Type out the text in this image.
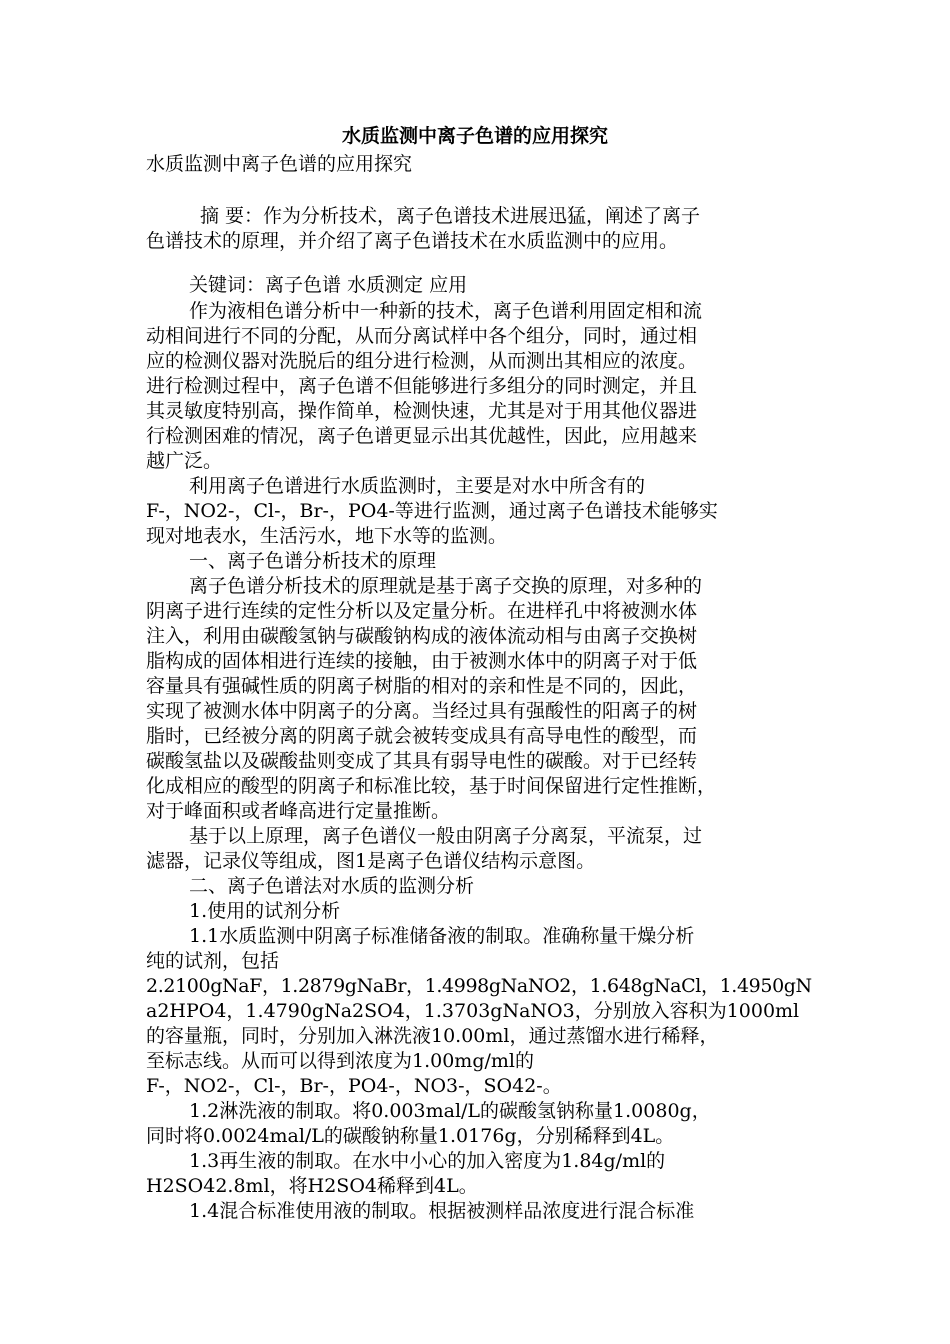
水质监测中离子色谱的应用探究
水质监测中离子色谱的应用探究
摘 要：作为分析技术，离子色谱技术进展迅猛，阐述了离子
色谱技术的原理，并介绍了离子色谱技术在水质监测中的应用。
关键词：离子色谱 水质测定 应用
作为液相色谱分析中一种新的技术，离子色谱利用固定相和流
动相间进行不同的分配，从而分离试样中各个组分，同时，通过相
应的检测仪器对洗脱后的组分进行检测，从而测出其相应的浓度。
进行检测过程中，离子色谱不但能够进行多组分的同时测定，并且
其灵敏度特别高，操作简单，检测快速，尤其是对于用其他仪器进
行检测困难的情况，离子色谱更显示出其优越性，因此，应用越来
越广泛。
利用离子色谱进行水质监测时，主要是对水中所含有的
F-，NO2-，Cl-，Br-，PO4-等进行监测，通过离子色谱技术能够实
现对地表水，生活污水，地下水等的监测。
一、离子色谱分析技术的原理
离子色谱分析技术的原理就是基于离子交换的原理，对多种的
阴离子进行连续的定性分析以及定量分析。在进样孔中将被测水体
注入，利用由碳酸氢钠与碳酸钠构成的液体流动相与由离子交换树
脂构成的固体相进行连续的接触，由于被测水体中的阴离子对于低
容量具有强碱性质的阴离子树脂的相对的亲和性是不同的，因此，
实现了被测水体中阴离子的分离。当经过具有强酸性的阳离子的树
脂时，已经被分离的阴离子就会被转变成具有高导电性的酸型，而
碳酸氢盐以及碳酸盐则变成了其具有弱导电性的碳酸。对于已经转
化成相应的酸型的阴离子和标准比较，基于时间保留进行定性推断，
对于峰面积或者峰高进行定量推断。
基于以上原理，离子色谱仪一般由阴离子分离泵，平流泵，过
滤器，记录仪等组成，图1是离子色谱仪结构示意图。
二、离子色谱法对水质的监测分析
1.使用的试剂分析
1.1水质监测中阴离子标准储备液的制取。准确称量干燥分析
纯的试剂，包括
2.2100gNaF，1.2879gNaBr，1.4998gNaNO2，1.648gNaCl，1.4950gN
a2HPO4，1.4790gNa2SO4，1.3703gNaNO3，分别放入容积为1000ml
的容量瓶，同时，分别加入淋洗液10.00ml，通过蒸馏水进行稀释，
至标志线。从而可以得到浓度为1.00mg/ml的
F-，NO2-，Cl-，Br-，PO4-，NO3-，SO42-。
1.2淋洗液的制取。将0.003mal/L的碳酸氢钠称量1.0080g，
同时将0.0024mal/L的碳酸钠称量1.0176g，分别稀释到4L。
1.3再生液的制取。在水中小心的加入密度为1.84g/ml的
H2SO42.8ml，将H2SO4稀释到4L。
1.4混合标准使用液的制取。根据被测样品浓度进行混合标准
